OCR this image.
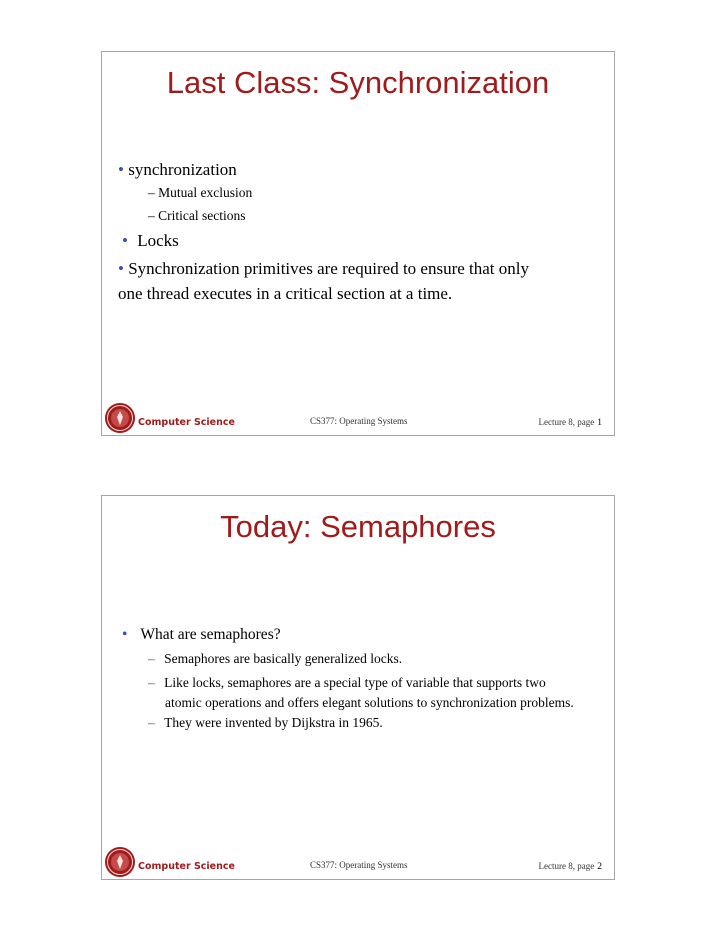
Last Class: Synchronization
• synchronization
– Mutual exclusion
– Critical sections
• Locks
• Synchronization primitives are required to ensure that only
one thread executes in a critical section at a time.
Computer Science	CS377: Operating Systems	Lecture 8, page 1
Today: Semaphores
• What are semaphores?
– Semaphores are basically generalized locks.
– Like locks, semaphores are a special type of variable that supports two
atomic operations and offers elegant solutions to synchronization problems.
– They were invented by Dijkstra in 1965.
Computer Science	CS377: Operating Systems	Lecture 8, page 2
